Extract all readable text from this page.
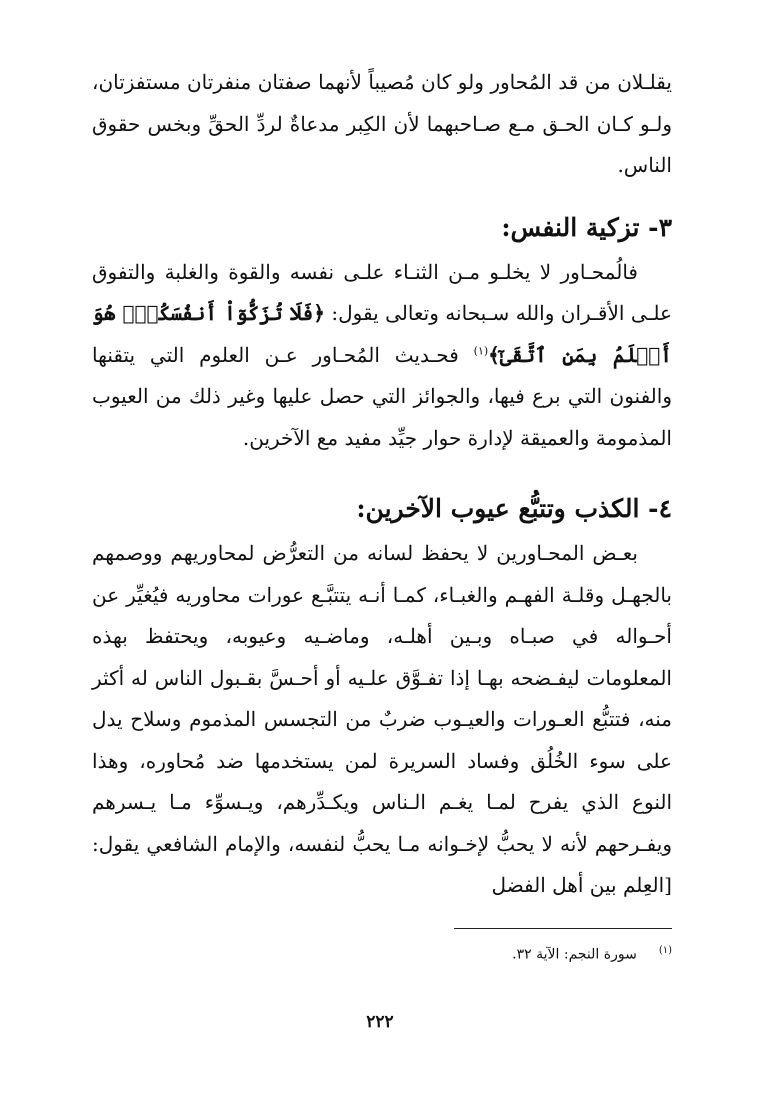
يقلـلان من قد المُحاور ولو كان مُصيباً لأنهما صفتان منفرتان مستفزتان، ولـو كـان الحـق مـع صـاحبهما لأن الكِبر مدعاةٌ لردِّ الحقِّ وبخس حقوق الناس.

٣- تزكية النفس:

فالُمحـاور لا يخلـو مـن الثنـاء علـى نفسه والقوة والغلبة والتفوق علـى الأقـران والله سـبحانه وتعالى يقول: ﴿فَلَا تُزَكُّوٓاْ أَنفُسَكُمۡۖ هُوَ أَعۡلَمُ بِمَنِ ٱتَّقَىٰٓ﴾$^{(١)}$ فحـديث المُحـاور عـن العلوم التي يتقنها والفنون التي برع فيها، والجوائز التي حصل عليها وغير ذلك من العيوب المذمومة والعميقة لإدارة حوار جيِّد مفيد مع الآخرين.

٤- الكذب وتتبُّع عيوب الآخرين:

بعـض المحـاورين لا يحفظ لسانه من التعرُّض لمحاوريهم ووصمهم بالجهـل وقلـة الفهـم والغبـاء، كمـا أنـه يتتبَّـع عورات محاوريه فيُغيِّر عن أحـواله في صبـاه وبـين أهلـه، وماضـيه وعيوبه، ويحتفظ بهذه المعلومات ليفـضحه بهـا إذا تفـوَّق علـيه أو أحـسَّ بقـبول الناس له أكثر منه، فتتبُّع العـورات والعيـوب ضربٌ من التجسس المذموم وسلاح يدل على سوء الخُلُق وفساد السريرة لمن يستخدمها ضد مُحاوره، وهذا النوع الذي يفرح لمـا يغـم الـناس ويكـدِّرهم، ويـسوِّء مـا يـسرهم ويفـرحهم لأنه لا يحبُّ لإخـوانه مـا يحبُّ لنفسه، والإمام الشافعي يقول: [العِلم بين أهل الفضل

$^{(١)}$سورة النجم: الآية ٣٢.
٢٢٢
